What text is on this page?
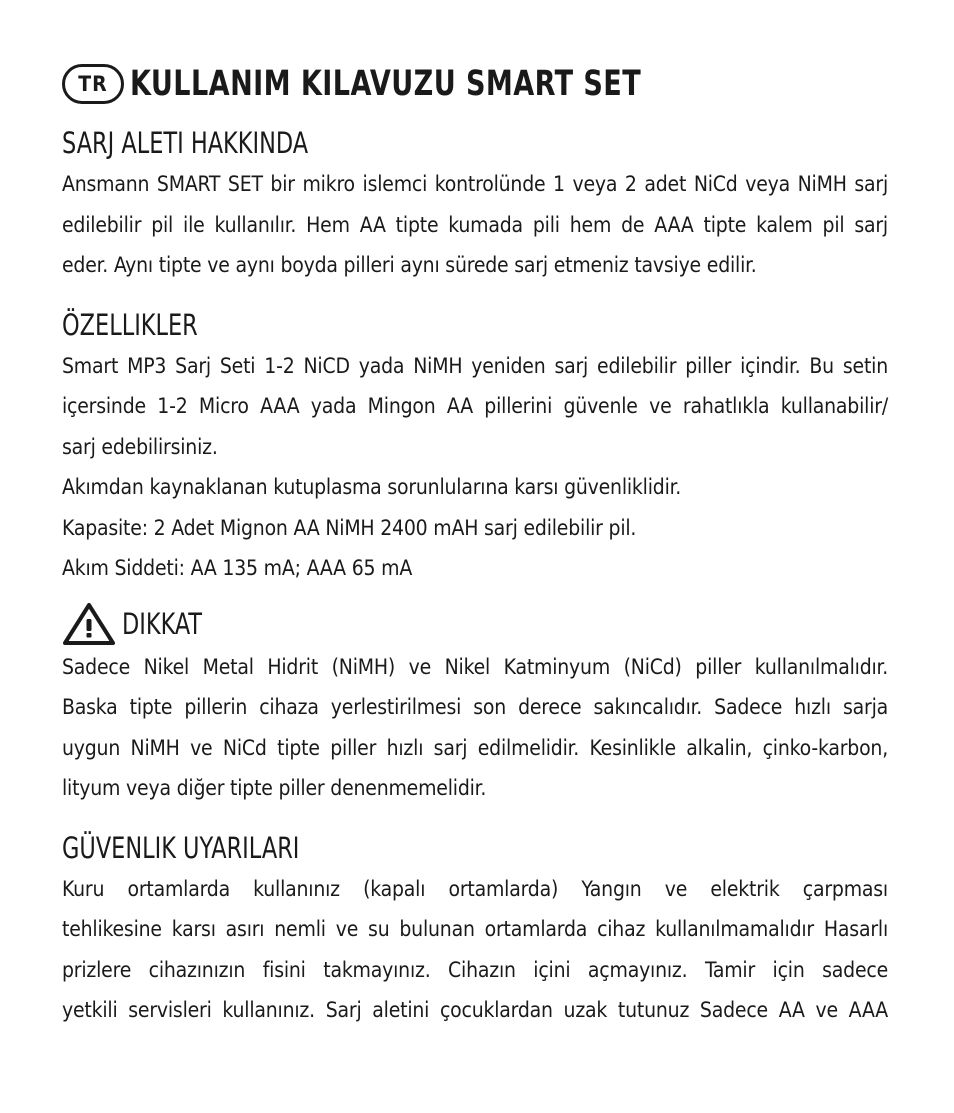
TR KULLANIM KILAVUZU SMART SET
SARJ ALETI HAKKINDA
Ansmann SMART SET bir mikro islemci kontrolünde 1 veya 2 adet NiCd veya NiMH sarj
edilebilir pil ile kullanılır. Hem AA tipte kumada pili hem de AAA tipte kalem pil sarj
eder. Aynı tipte ve aynı boyda pilleri aynı sürede sarj etmeniz tavsiye edilir.
ÖZELLIKLER
Smart MP3 Sarj Seti 1-2 NiCD yada NiMH yeniden sarj edilebilir piller içindir. Bu setin
içersinde 1-2 Micro AAA yada Mingon AA pillerini güvenle ve rahatlıkla kullanabilir/
sarj edebilirsiniz.
Akımdan kaynaklanan kutuplasma sorunlularına karsı güvenliklidir.
Kapasite: 2 Adet Mignon AA NiMH 2400 mAH sarj edilebilir pil.
Akım Siddeti: AA 135 mA; AAA 65 mA
DIKKAT
Sadece Nikel Metal Hidrit (NiMH) ve Nikel Katminyum (NiCd) piller kullanılmalıdır.
Baska tipte pillerin cihaza yerlestirilmesi son derece sakıncalıdır. Sadece hızlı sarja
uygun NiMH ve NiCd tipte piller hızlı sarj edilmelidir. Kesinlikle alkalin, çinko-karbon,
lityum veya diğer tipte piller denenmemelidir.
GÜVENLIK UYARILARI
Kuru ortamlarda kullanınız (kapalı ortamlarda) Yangın ve elektrik çarpması
tehlikesine karsı asırı nemli ve su bulunan ortamlarda cihaz kullanılmamalıdır Hasarlı
prizlere cihazınızın fisini takmayınız. Cihazın içini açmayınız. Tamir için sadece
yetkili servisleri kullanınız. Sarj aletini çocuklardan uzak tutunuz Sadece AA ve AAA
